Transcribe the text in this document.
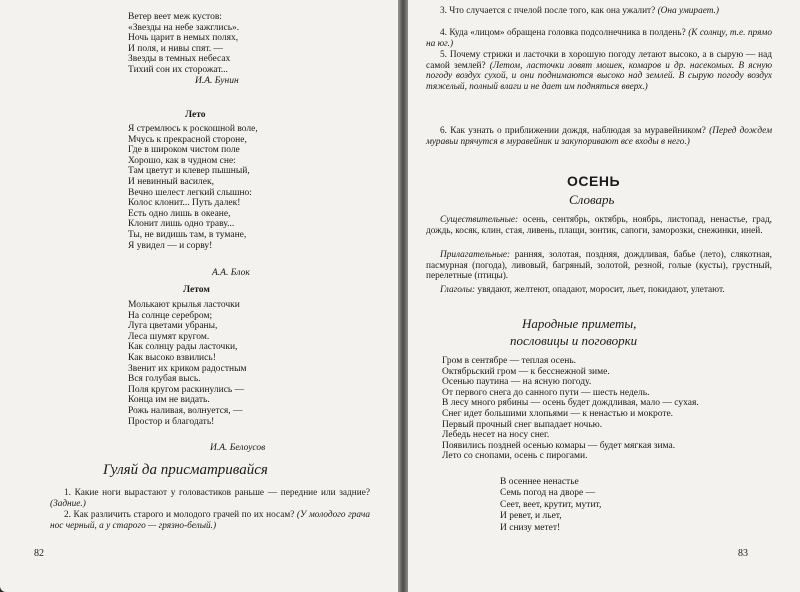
Ветер веет меж кустов:
«Звезды на небе зажглись».
Ночь царит в немых полях,
И поля, и нивы спят. —
Звезды в темных небесах
Тихий сон их сторожат...
И.А. Бунин
Лето
Я стремлюсь к роскошной воле,
Мчусь к прекрасной стороне,
Где в широком чистом поле
Хорошо, как в чудном сне:
Там цветут и клевер пышный,
И невинный василек,
Вечно шелест легкий слышно:
Колос клонит... Путь далек!
Есть одно лишь в океане,
Клонит лишь одно траву...
Ты, не видишь там, в тумане,
Я увидел — и сорву!
А.А. Блок
Летом
Молькают крылья ласточки
На солнце серебром;
Луга цветами убраны,
Леса шумят кругом.
Как солнцу рады ласточки,
Как высоко взвились!
Звенит их криком радостным
Вся голубая высь.
Поля кругом раскинулись —
Конца им не видать.
Рожь наливая, волнуется, —
Простор и благодать!
И.А. Белоусов
Гуляй да присматривайся
1. Какие ноги вырастают у головастиков раньше — передние или задние? (Задние.)
2. Как различить старого и молодого грачей по их носам? (У молодого грача нос черный, а у старого — грязно-белый.)
82
3. Что случается с пчелой после того, как она ужалит? (Она умирает.)
4. Куда «лицом» обращена головка подсолнечника в полдень? (К солнцу, т.е. прямо на юг.)
5. Почему стрижи и ласточки в хорошую погоду летают высоко, а в сырую — над самой землей? (Летом, ласточки ловят мошек, комаров и др. насекомых. В ясную погоду воздух сухой, и они поднимаются высоко над землей. В сырую погоду воздух тяжелый, полный влаги и не дает им подняться вверх.)
6. Как узнать о приближении дождя, наблюдая за муравейником? (Перед дождем муравьи прячутся в муравейник и закупоривают все входы в него.)
ОСЕНЬ
Словарь
Существительные: осень, сентябрь, октябрь, ноябрь, листопад, ненастье, град, дождь, косяк, клин, стая, ливень, плащи, зонтик, сапоги, заморозки, снежинки, иней.
Прилагательные: ранняя, золотая, поздняя, дождливая, бабье (лето), слякотная, пасмурная (погода), ливовый, багряный, золотой, резной, голые (кусты), грустный, перелетные (птицы).
Глаголы: увядают, желтеют, опадают, моросит, льет, покидают, улетают.
Народные приметы,
пословицы и поговорки
Гром в сентябре — теплая осень.
Октябрьский гром — к бесснежной зиме.
Осенью паутина — на ясную погоду.
От первого снега до санного пути — шесть недель.
В лесу много рябины — осень будет дождливая, мало — сухая.
Снег идет большими хлопьями — к ненастью и мокроте.
Первый прочный снег выпадает ночью.
Лебедь несет на носу снег.
Появились поздней осенью комары — будет мягкая зима.
Лето со снопами, осень с пирогами.
В осеннее ненастье
Семь погод на дворе —
Сеет, веет, крутит, мутит,
И ревет, и льет,
И снизу метет!
83
